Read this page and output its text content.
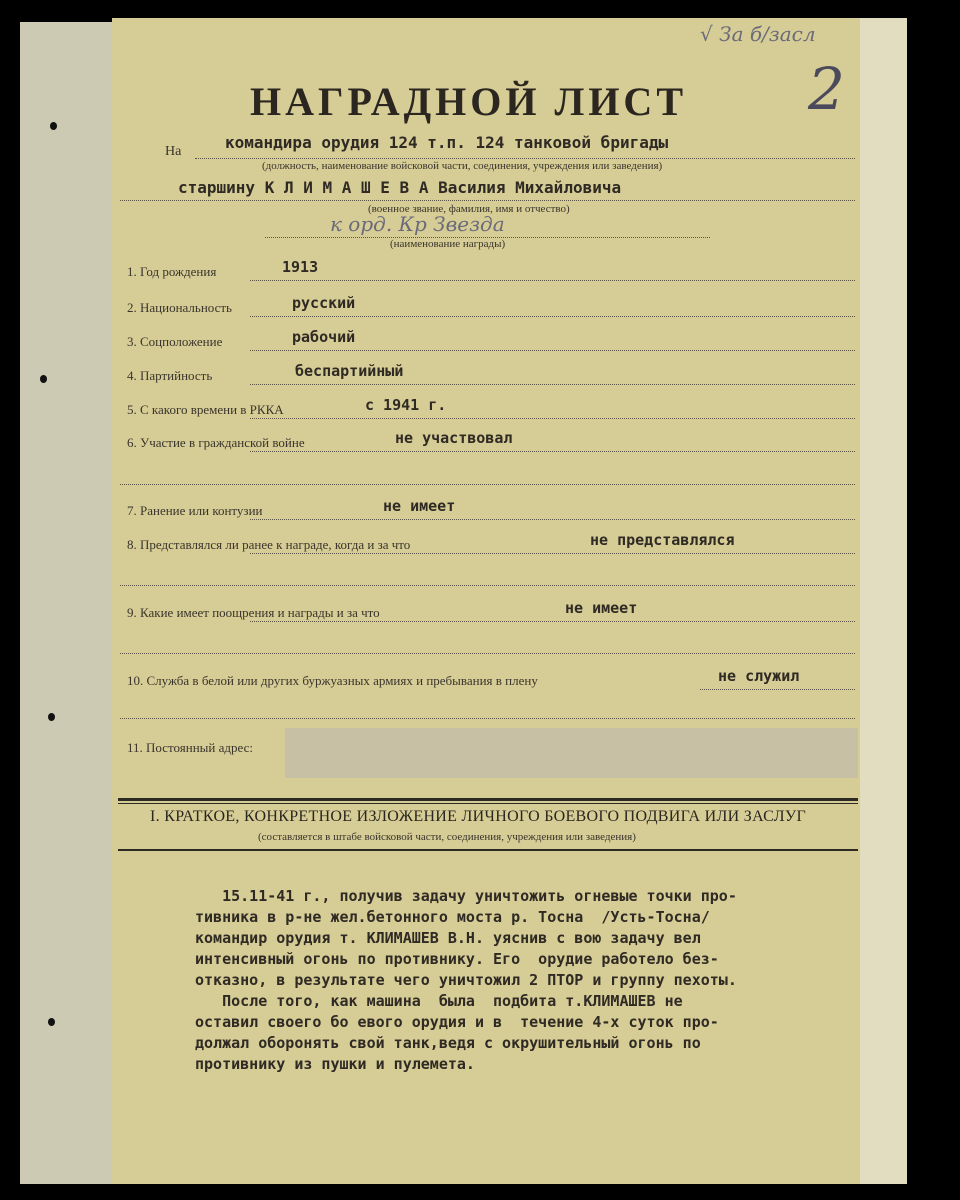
√ За б/засл
2
НАГРАДНОЙ ЛИСТ
На	командира орудия 124 т.п. 124 танковой бригады
(должность, наименование войсковой части, соединения, учреждения или заведения)
старшину К Л И М А Ш Е В А Василия Михайловича
(военное звание, фамилия, имя и отчество)
к орд. Кр Звезда
(наименование награды)
1. Год рождения	1913
2. Национальность	русский
3. Соцположение	рабочий
4. Партийность	беспартийный
5. С какого времени в РККА	с 1941 г.
6. Участие в гражданской войне	не участвовал
7. Ранение или контузии	не имеет
8. Представлялся ли ранее к награде, когда и за что	не представлялся
9. Какие имеет поощрения и награды и за что	не имеет
10. Служба в белой или других буржуазных армиях и пребывания в плену	не служил
11. Постоянный адрес:
I. КРАТКОЕ, КОНКРЕТНОЕ ИЗЛОЖЕНИЕ ЛИЧНОГО БОЕВОГО ПОДВИГА ИЛИ ЗАСЛУГ
(составляется в штабе войсковой части, соединения, учреждения или заведения)
15.11-41 г., получив задачу уничтожить огневые точки про-
тивника в р-не жел.бетонного моста р. Тосна  /Усть-Тосна/
командир орудия т. КЛИМАШЕВ В.Н. уяснив с вою задачу вел
интенсивный огонь по противнику. Его  орудие работело без-
отказно, в результате чего уничтожил 2 ПТОР и группу пехоты.
После того, как машина  была  подбита т.КЛИМАШЕВ не
оставил своего бо евого орудия и в  течение 4-х суток про-
должал оборонять свой танк,ведя с окрушительный огонь по
противнику из пушки и пулемета.
